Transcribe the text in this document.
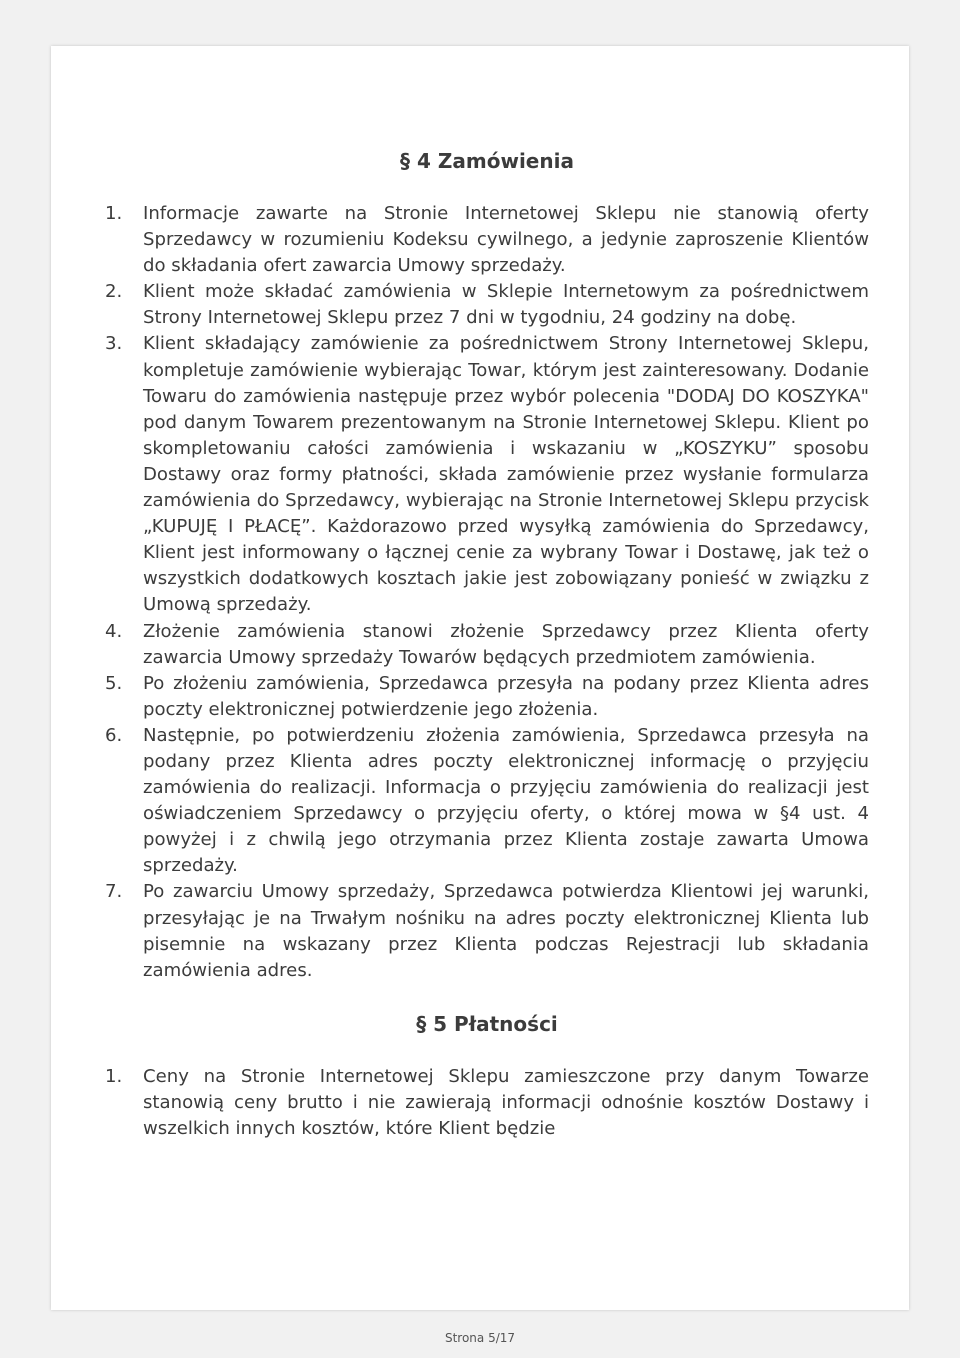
§ 4 Zamówienia
1. Informacje zawarte na Stronie Internetowej Sklepu nie stanowią oferty Sprzedawcy w rozumieniu Kodeksu cywilnego, a jedynie zaproszenie Klientów do składania ofert zawarcia Umowy sprzedaży.
2. Klient może składać zamówienia w Sklepie Internetowym za pośrednictwem Strony Internetowej Sklepu przez 7 dni w tygodniu, 24 godziny na dobę.
3. Klient składający zamówienie za pośrednictwem Strony Internetowej Sklepu, kompletuje zamówienie wybierając Towar, którym jest zainteresowany. Dodanie Towaru do zamówienia następuje przez wybór polecenia "DODAJ DO KOSZYKA" pod danym Towarem prezentowanym na Stronie Internetowej Sklepu. Klient po skompletowaniu całości zamówienia i wskazaniu w „KOSZYKU” sposobu Dostawy oraz formy płatności, składa zamówienie przez wysłanie formularza zamówienia do Sprzedawcy, wybierając na Stronie Internetowej Sklepu przycisk „KUPUJĘ I PŁACĘ”. Każdorazowo przed wysyłką zamówienia do Sprzedawcy, Klient jest informowany o łącznej cenie za wybrany Towar i Dostawę, jak też o wszystkich dodatkowych kosztach jakie jest zobowiązany ponieść w związku z Umową sprzedaży.
4. Złożenie zamówienia stanowi złożenie Sprzedawcy przez Klienta oferty zawarcia Umowy sprzedaży Towarów będących przedmiotem zamówienia.
5. Po złożeniu zamówienia, Sprzedawca przesyła na podany przez Klienta adres poczty elektronicznej potwierdzenie jego złożenia.
6. Następnie, po potwierdzeniu złożenia zamówienia, Sprzedawca przesyła na podany przez Klienta adres poczty elektronicznej informację o przyjęciu zamówienia do realizacji. Informacja o przyjęciu zamówienia do realizacji jest oświadczeniem Sprzedawcy o przyjęciu oferty, o której mowa w §4 ust. 4 powyżej i z chwilą jego otrzymania przez Klienta zostaje zawarta Umowa sprzedaży.
7. Po zawarciu Umowy sprzedaży, Sprzedawca potwierdza Klientowi jej warunki, przesyłając je na Trwałym nośniku na adres poczty elektronicznej Klienta lub pisemnie na wskazany przez Klienta podczas Rejestracji lub składania zamówienia adres.
§ 5 Płatności
1. Ceny na Stronie Internetowej Sklepu zamieszczone przy danym Towarze stanowią ceny brutto i nie zawierają informacji odnośnie kosztów Dostawy i wszelkich innych kosztów, które Klient będzie
Strona 5/17
